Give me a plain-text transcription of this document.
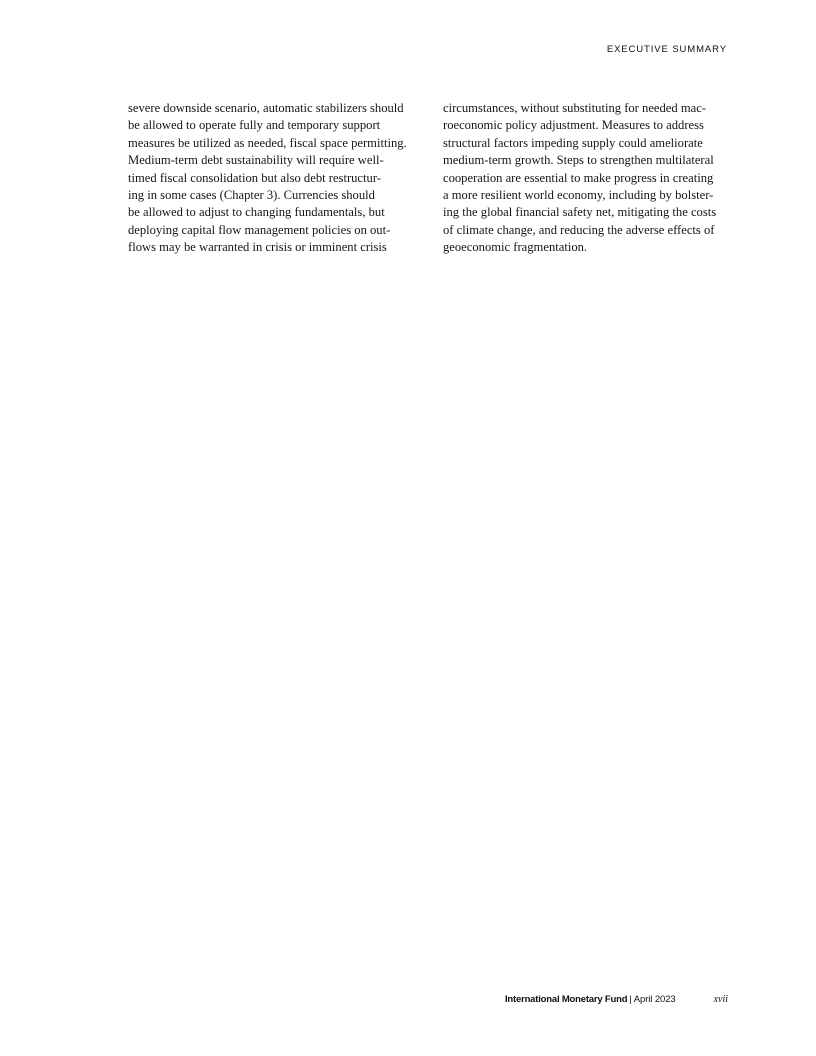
EXECUTIVE SUMMARY
severe downside scenario, automatic stabilizers should
be allowed to operate fully and temporary support
measures be utilized as needed, fiscal space permitting.
Medium-term debt sustainability will require well-
timed fiscal consolidation but also debt restructur-
ing in some cases (Chapter 3). Currencies should
be allowed to adjust to changing fundamentals, but
deploying capital flow management policies on out-
flows may be warranted in crisis or imminent crisis
circumstances, without substituting for needed mac-
roeconomic policy adjustment. Measures to address
structural factors impeding supply could ameliorate
medium-term growth. Steps to strengthen multilateral
cooperation are essential to make progress in creating
a more resilient world economy, including by bolster-
ing the global financial safety net, mitigating the costs
of climate change, and reducing the adverse effects of
geoeconomic fragmentation.
International Monetary Fund | April 2023	xvii
